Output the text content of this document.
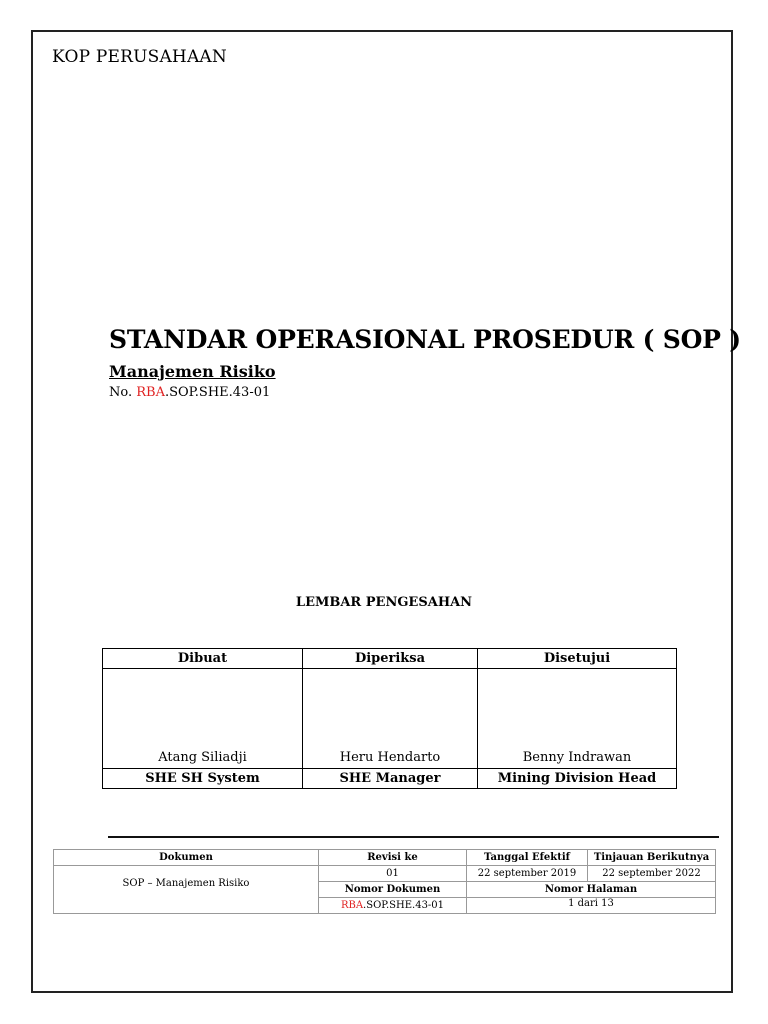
KOP PERUSAHAAN
STANDAR OPERASIONAL PROSEDUR ( SOP )
Manajemen Risiko
No. RBA.SOP.SHE.43-01
LEMBAR PENGESAHAN
Dibuat	Diperiksa	Disetujui
Atang Siliadji	Heru Hendarto	Benny Indrawan
SHE SH System	SHE Manager	Mining Division Head
Dokumen	Revisi ke	Tanggal Efektif	Tinjauan Berikutnya
SOP – Manajemen Risiko	01	22 september 2019	22 september 2022
	Nomor Dokumen	Nomor Halaman	
	RBA.SOP.SHE.43-01	1 dari 13	
